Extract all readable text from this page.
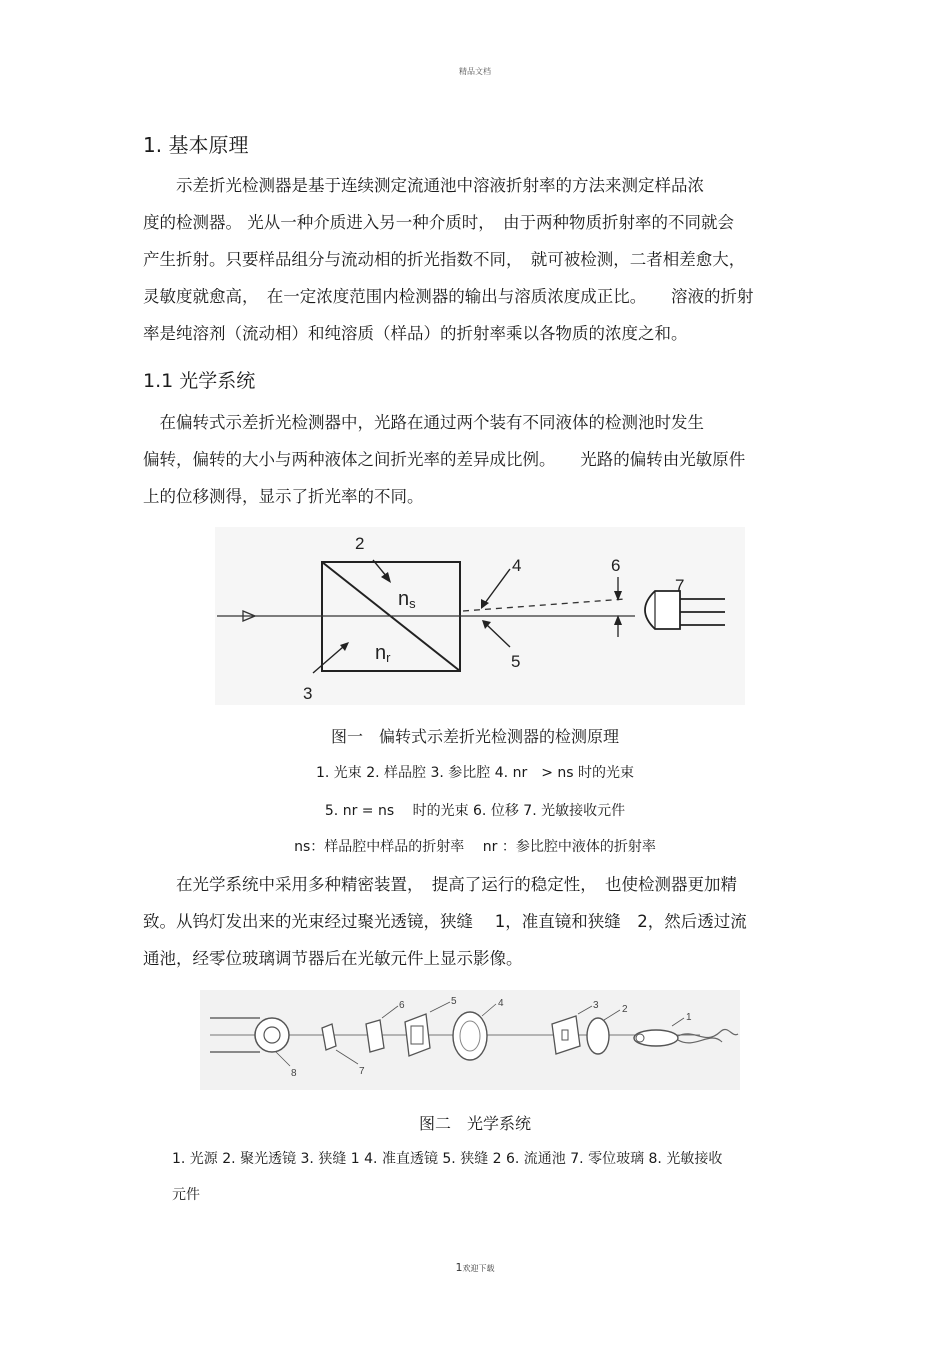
精品文档
1. 基本原理
　　示差折光检测器是基于连续测定流通池中溶液折射率的方法来测定样品浓
度的检测器。 光从一种介质进入另一种介质时，　由于两种物质折射率的不同就会
产生折射。只要样品组分与流动相的折光指数不同，　就可被检测，二者相差愈大，
灵敏度就愈高，　在一定浓度范围内检测器的输出与溶质浓度成正比。　　溶液的折射
率是纯溶剂（流动相）和纯溶质（样品）的折射率乘以各物质的浓度之和。
1.1 光学系统
　在偏转式示差折光检测器中，光路在通过两个装有不同液体的检测池时发生
偏转，偏转的大小与两种液体之间折光率的差异成比例。　　光路的偏转由光敏原件
上的位移测得，显示了折光率的不同。
2
3
4
5
6
7
ns
nr
图一　偏转式示差折光检测器的检测原理
1. 光束 2. 样品腔 3. 参比腔 4. nr　> ns 时的光束
5. nr = ns　 时的光束 6. 位移 7. 光敏接收元件
ns：样品腔中样品的折射率　 nr ：参比腔中液体的折射率
　　在光学系统中采用多种精密装置，　提高了运行的稳定性，　也使检测器更加精
致。从钨灯发出来的光束经过聚光透镜，狭缝　 1，准直镜和狭缝　2，然后透过流
通池，经零位玻璃调节器后在光敏元件上显示影像。
1
2
3
4
5
6
7
8
图二　光学系统
1. 光源 2. 聚光透镜 3. 狭缝 1 4. 准直透镜 5. 狭缝 2 6. 流通池 7. 零位玻璃 8. 光敏接收
元件
1欢迎下载
